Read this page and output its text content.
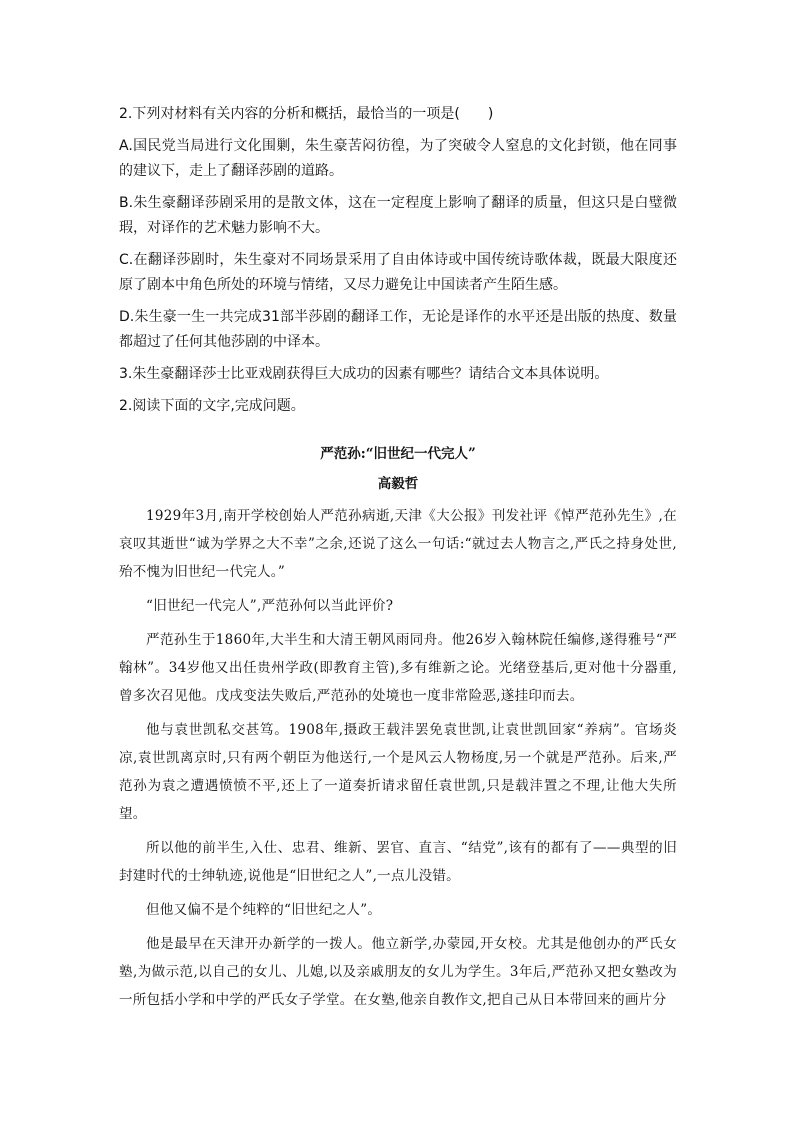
2.下列对材料有关内容的分析和概括，最恰当的一项是(　　)

A.国民党当局进行文化围剿，朱生豪苦闷彷徨，为了突破令人窒息的文化封锁，他在同事的建议下，走上了翻译莎剧的道路。

B.朱生豪翻译莎剧采用的是散文体，这在一定程度上影响了翻译的质量，但这只是白璧微瑕，对译作的艺术魅力影响不大。

C.在翻译莎剧时，朱生豪对不同场景采用了自由体诗或中国传统诗歌体裁，既最大限度还原了剧本中角色所处的环境与情绪，又尽力避免让中国读者产生陌生感。

D.朱生豪一生一共完成31部半莎剧的翻译工作，无论是译作的水平还是出版的热度、数量都超过了任何其他莎剧的中译本。

3.朱生豪翻译莎士比亚戏剧获得巨大成功的因素有哪些？请结合文本具体说明。

2.阅读下面的文字,完成问题。

严范孙:“旧世纪一代完人”

高毅哲

1929年3月,南开学校创始人严范孙病逝,天津《大公报》刊发社评《悼严范孙先生》,在哀叹其逝世“诚为学界之大不幸”之余,还说了这么一句话:“就过去人物言之,严氏之持身处世,殆不愧为旧世纪一代完人。”

“旧世纪一代完人”,严范孙何以当此评价?

严范孙生于1860年,大半生和大清王朝风雨同舟。他26岁入翰林院任编修,遂得雅号“严翰林”。34岁他又出任贵州学政(即教育主管),多有维新之论。光绪登基后,更对他十分器重,曾多次召见他。戊戌变法失败后,严范孙的处境也一度非常险恶,遂挂印而去。

他与袁世凯私交甚笃。1908年,摄政王载沣罢免袁世凯,让袁世凯回家“养病”。官场炎凉,袁世凯离京时,只有两个朝臣为他送行,一个是风云人物杨度,另一个就是严范孙。后来,严范孙为袁之遭遇愤愤不平,还上了一道奏折请求留任袁世凯,只是载沣置之不理,让他大失所望。

所以他的前半生,入仕、忠君、维新、罢官、直言、“结党”,该有的都有了——典型的旧封建时代的士绅轨迹,说他是“旧世纪之人”,一点儿没错。

但他又偏不是个纯粹的“旧世纪之人”。

他是最早在天津开办新学的一拨人。他立新学,办蒙园,开女校。尤其是他创办的严氏女塾,为做示范,以自己的女儿、儿媳,以及亲戚朋友的女儿为学生。3年后,严范孙又把女塾改为一所包括小学和中学的严氏女子学堂。在女塾,他亲自教作文,把自己从日本带回来的画片分
